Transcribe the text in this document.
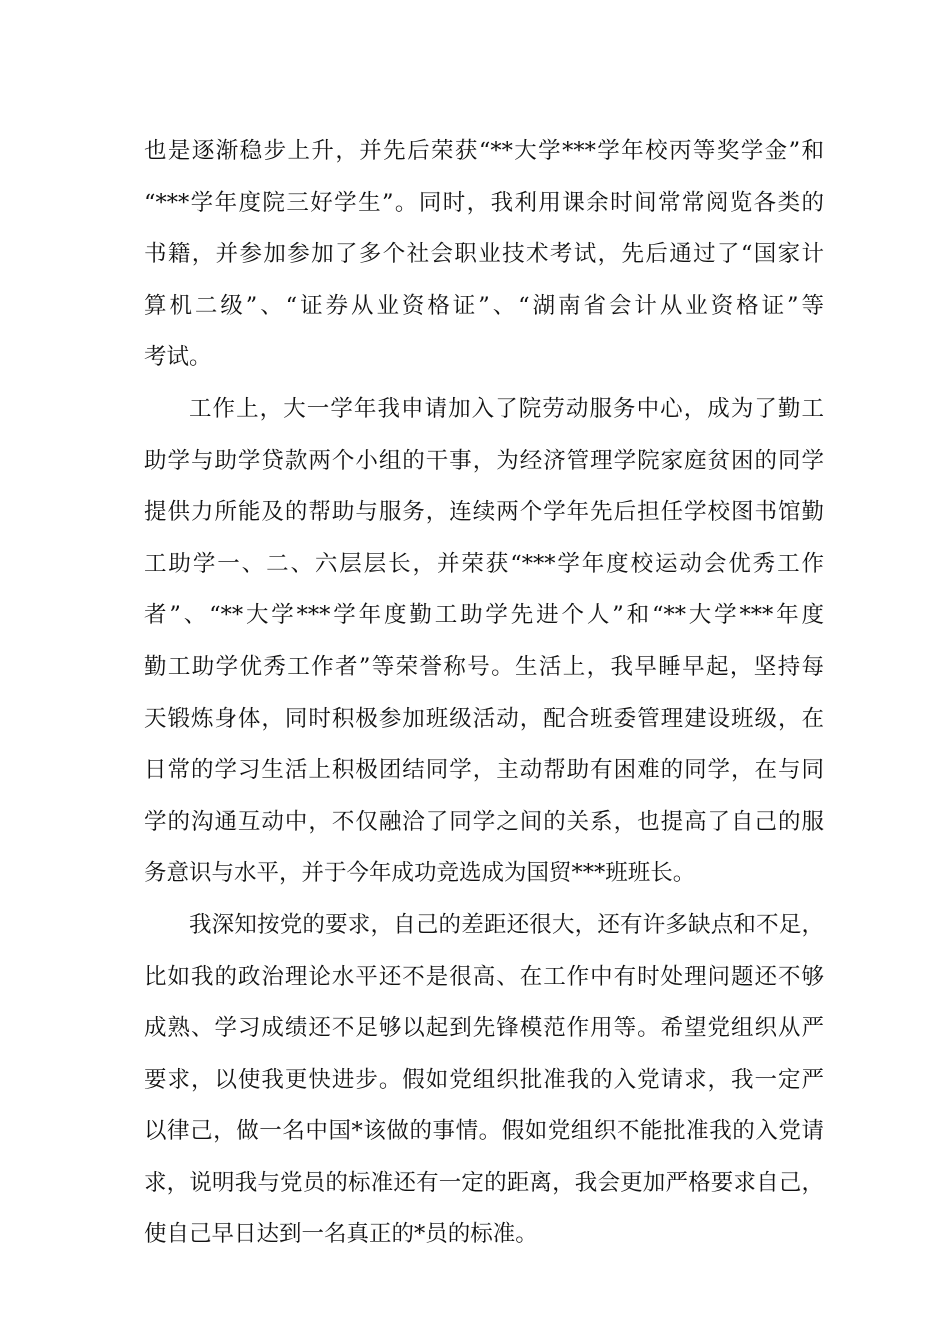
也是逐渐稳步上升，并先后荣获“**大学***学年校丙等奖学金”和
“***学年度院三好学生”。同时，我利用课余时间常常阅览各类的
书籍，并参加参加了多个社会职业技术考试，先后通过了“国家计
算机二级”、“证券从业资格证”、“湖南省会计从业资格证”等
考试。
工作上，大一学年我申请加入了院劳动服务中心，成为了勤工
助学与助学贷款两个小组的干事，为经济管理学院家庭贫困的同学
提供力所能及的帮助与服务，连续两个学年先后担任学校图书馆勤
工助学一、二、六层层长，并荣获“***学年度校运动会优秀工作
者”、“**大学***学年度勤工助学先进个人”和“**大学***年度
勤工助学优秀工作者”等荣誉称号。生活上，我早睡早起，坚持每
天锻炼身体，同时积极参加班级活动，配合班委管理建设班级，在
日常的学习生活上积极团结同学，主动帮助有困难的同学，在与同
学的沟通互动中，不仅融洽了同学之间的关系，也提高了自己的服
务意识与水平，并于今年成功竞选成为国贸***班班长。
我深知按党的要求，自己的差距还很大，还有许多缺点和不足，
比如我的政治理论水平还不是很高、在工作中有时处理问题还不够
成熟、学习成绩还不足够以起到先锋模范作用等。希望党组织从严
要求，以使我更快进步。假如党组织批准我的入党请求，我一定严
以律己，做一名中国*该做的事情。假如党组织不能批准我的入党请
求，说明我与党员的标准还有一定的距离，我会更加严格要求自己，
使自己早日达到一名真正的*员的标准。
